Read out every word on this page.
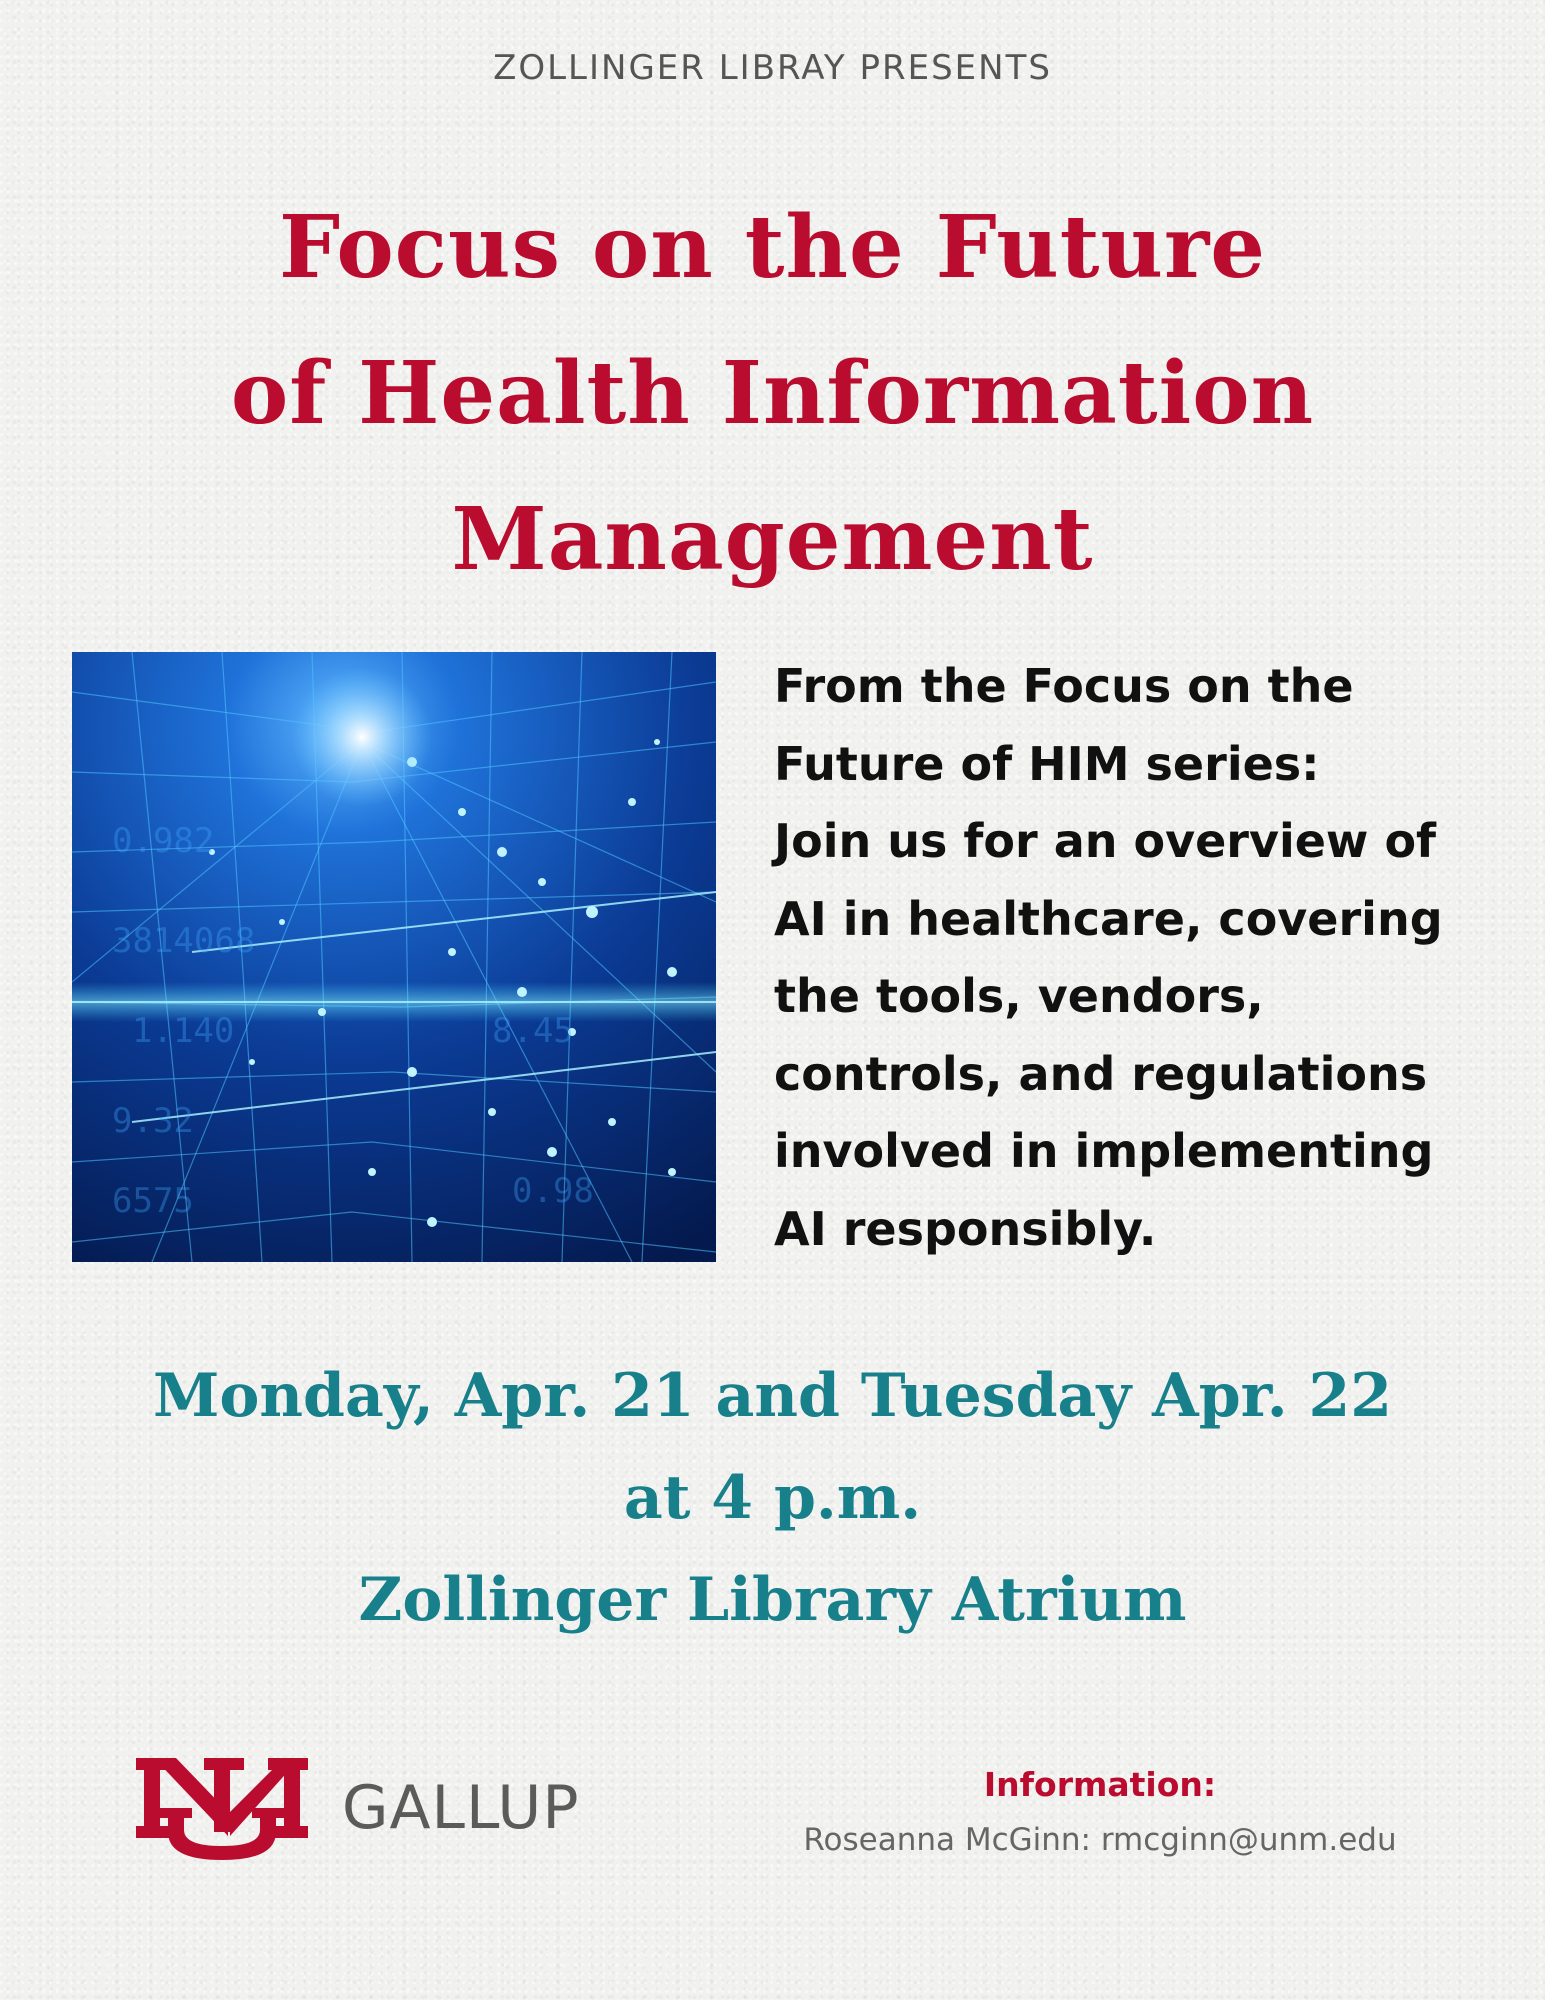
ZOLLINGER LIBRAY PRESENTS
Focus on the Future
of Health Information
Management
0.982
3814068
1.140
9.32
6575
8.45
0.98
From the Focus on the
Future of HIM series:
Join us for an overview of
AI in healthcare, covering
the tools, vendors,
controls, and regulations
involved in implementing
AI responsibly.
Monday, Apr. 21 and Tuesday Apr. 22
at 4 p.m.
Zollinger Library Atrium
GALLUP	Information:
Roseanna McGinn: rmcginn@unm.edu
